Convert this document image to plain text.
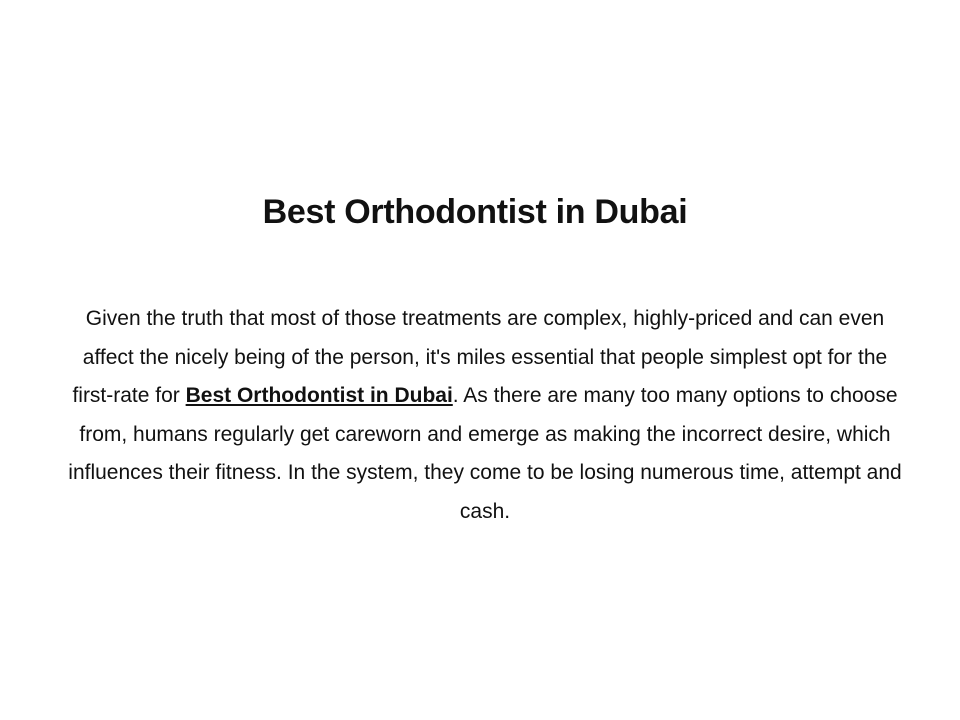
Best Orthodontist in Dubai

Given the truth that most of those treatments are complex, highly-priced and can even affect the nicely being of the person, it's miles essential that people simplest opt for the first-rate for Best Orthodontist in Dubai. As there are many too many options to choose from, humans regularly get careworn and emerge as making the incorrect desire, which influences their fitness. In the system, they come to be losing numerous time, attempt and cash.
